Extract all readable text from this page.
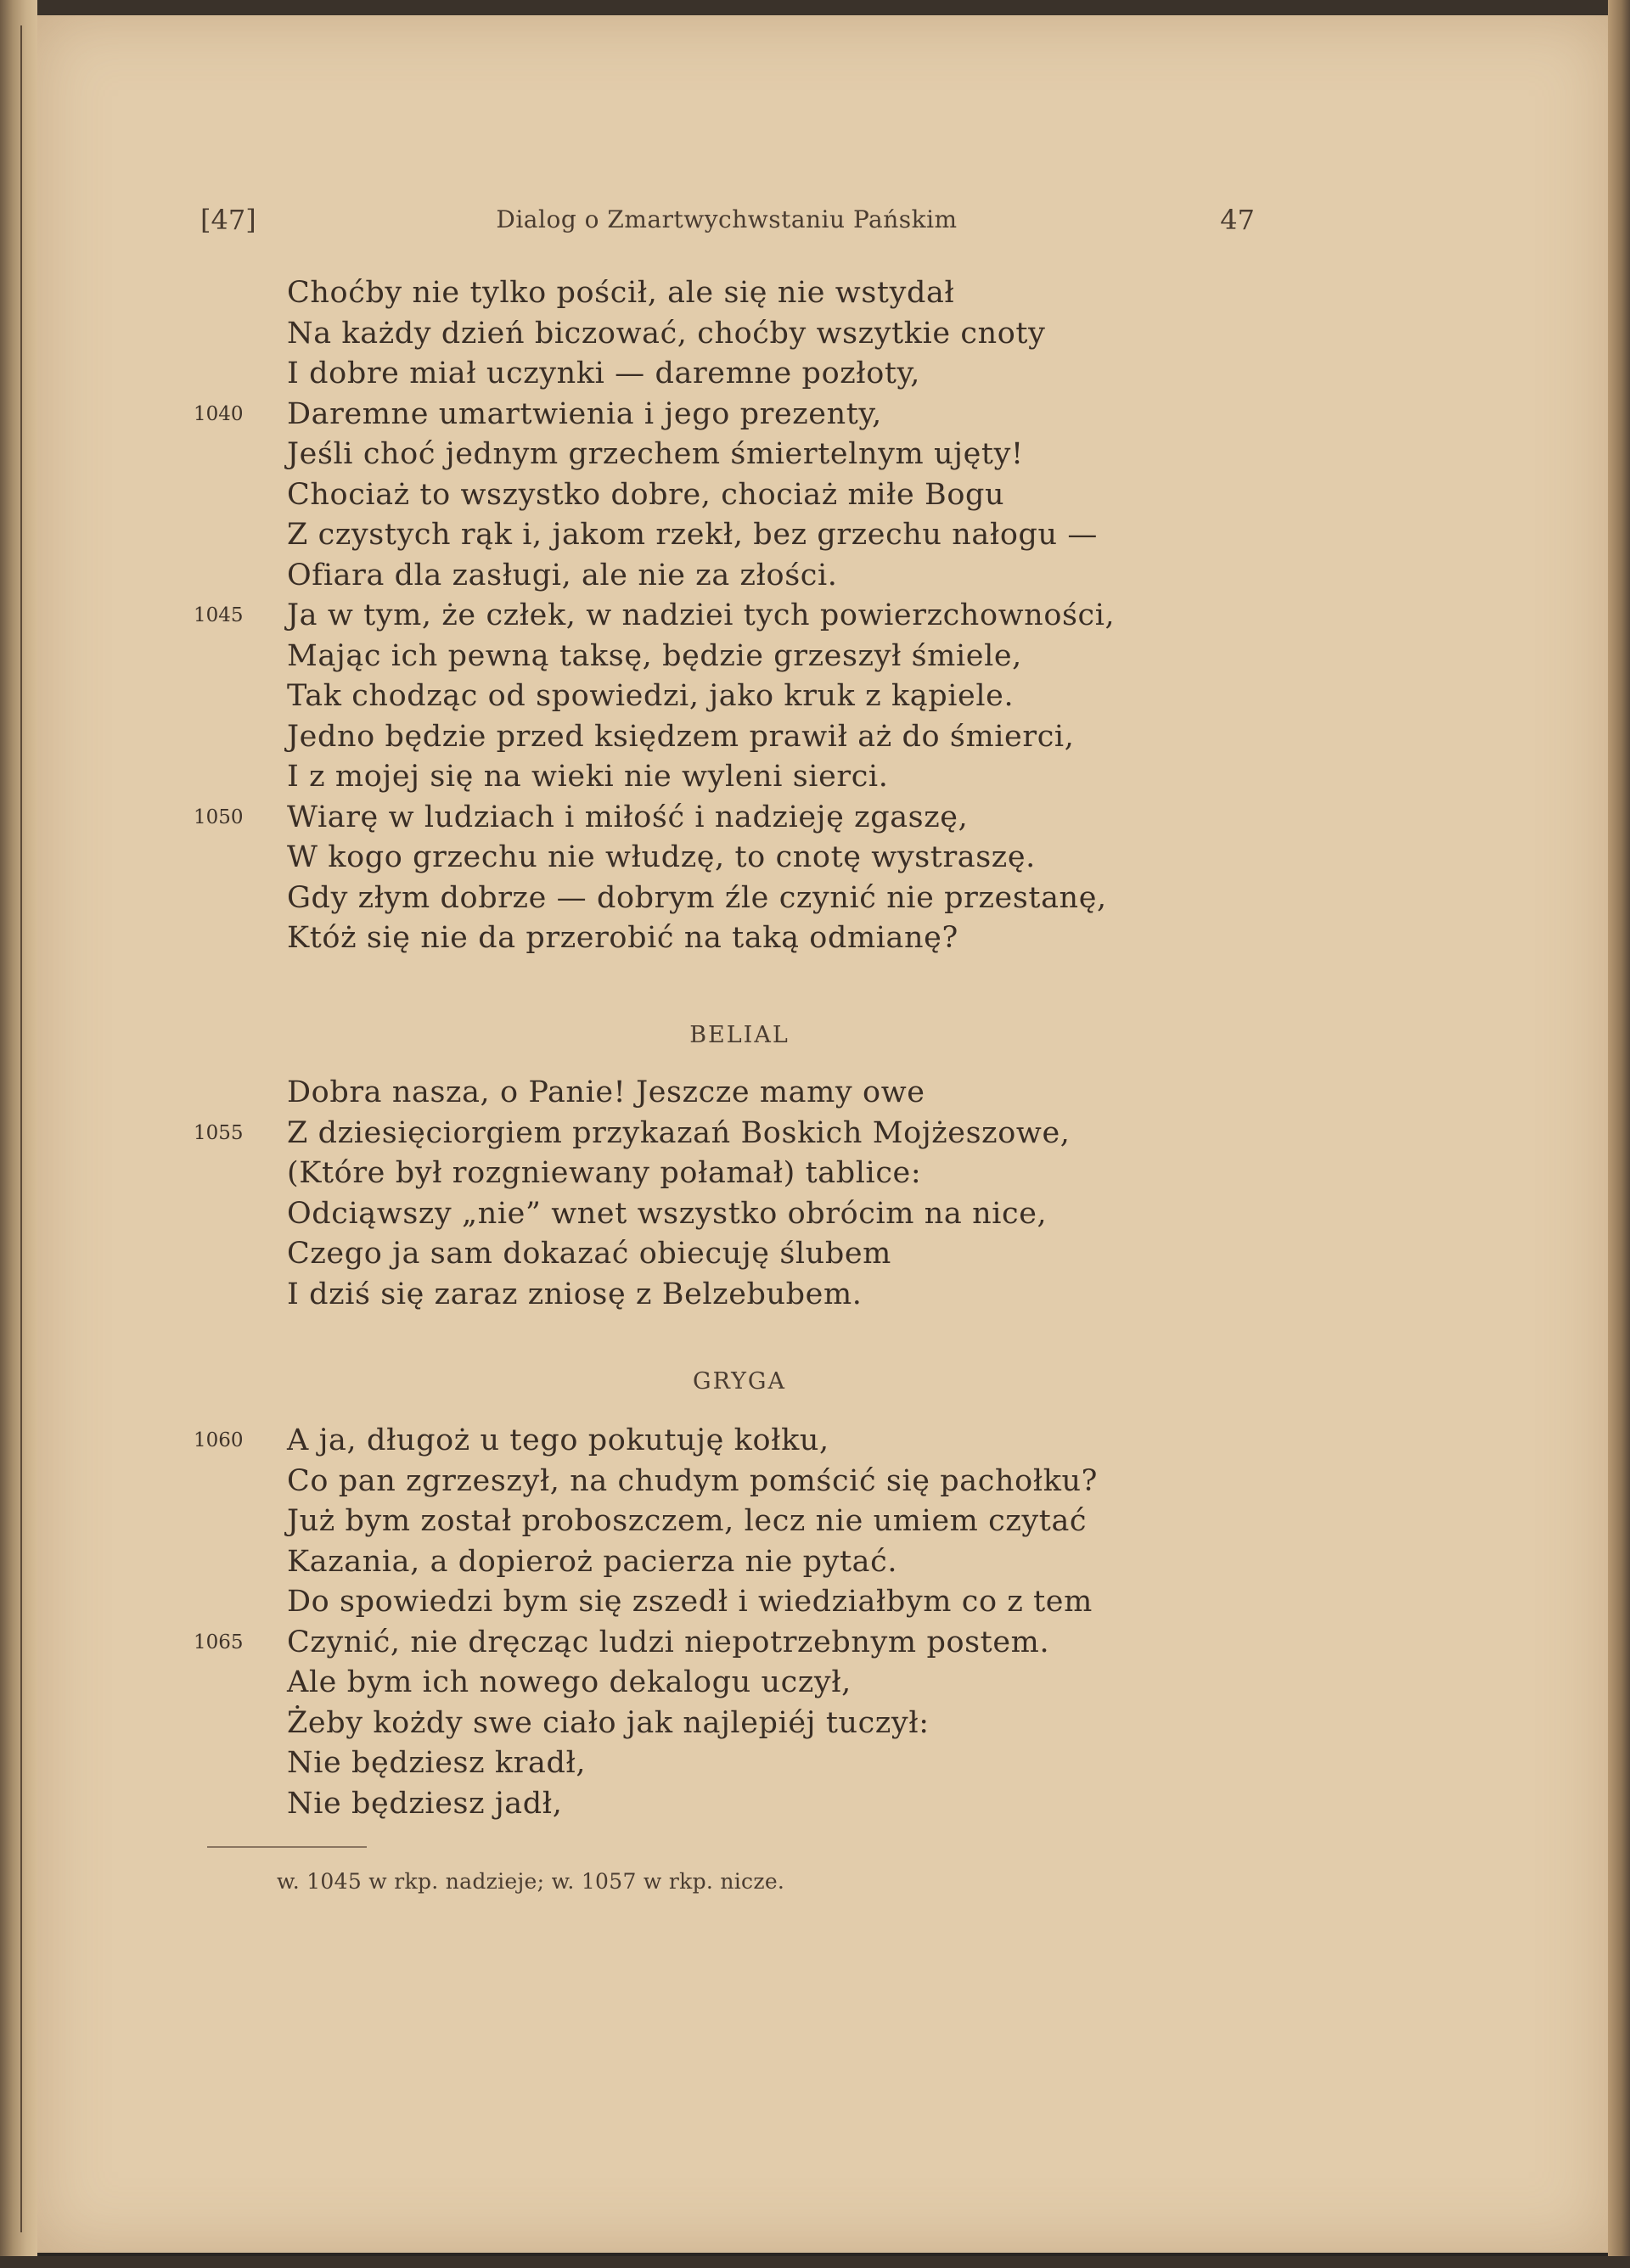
[47]	Dialog o Zmartwychwstaniu Pańskim	47
Choćby nie tylko pościł, ale się nie wstydał
Na każdy dzień biczować, choćby wszytkie cnoty
I dobre miał uczynki — daremne pozłoty,
1040	Daremne umartwienia i jego prezenty,
Jeśli choć jednym grzechem śmiertelnym ujęty!
Chociaż to wszystko dobre, chociaż miłe Bogu
Z czystych rąk i, jakom rzekł, bez grzechu nałogu —
Ofiara dla zasługi, ale nie za złości.
1045	Ja w tym, że człek, w nadziei tych powierzchowności,
Mając ich pewną taksę, będzie grzeszył śmiele,
Tak chodząc od spowiedzi, jako kruk z kąpiele.
Jedno będzie przed księdzem prawił aż do śmierci,
I z mojej się na wieki nie wyleni sierci.
1050	Wiarę w ludziach i miłość i nadzieję zgaszę,
W kogo grzechu nie włudzę, to cnotę wystraszę.
Gdy złym dobrze — dobrym źle czynić nie przestanę,
Któż się nie da przerobić na taką odmianę?
BELIAL
Dobra nasza, o Panie! Jeszcze mamy owe
1055	Z dziesięciorgiem przykazań Boskich Mojżeszowe,
(Które był rozgniewany połamał) tablice:
Odciąwszy „nie” wnet wszystko obrócim na nice,
Czego ja sam dokazać obiecuję ślubem
I dziś się zaraz zniosę z Belzebubem.
GRYGA
1060	A ja, długoż u tego pokutuję kołku,
Co pan zgrzeszył, na chudym pomścić się pachołku?
Już bym został proboszczem, lecz nie umiem czytać
Kazania, a dopieroż pacierza nie pytać.
Do spowiedzi bym się zszedł i wiedziałbym co z tem
1065	Czynić, nie dręcząc ludzi niepotrzebnym postem.
Ale bym ich nowego dekalogu uczył,
Żeby kożdy swe ciało jak najlepiéj tuczył:
Nie będziesz kradł,
Nie będziesz jadł,
w. 1045 w rkp. nadzieje; w. 1057 w rkp. nicze.
